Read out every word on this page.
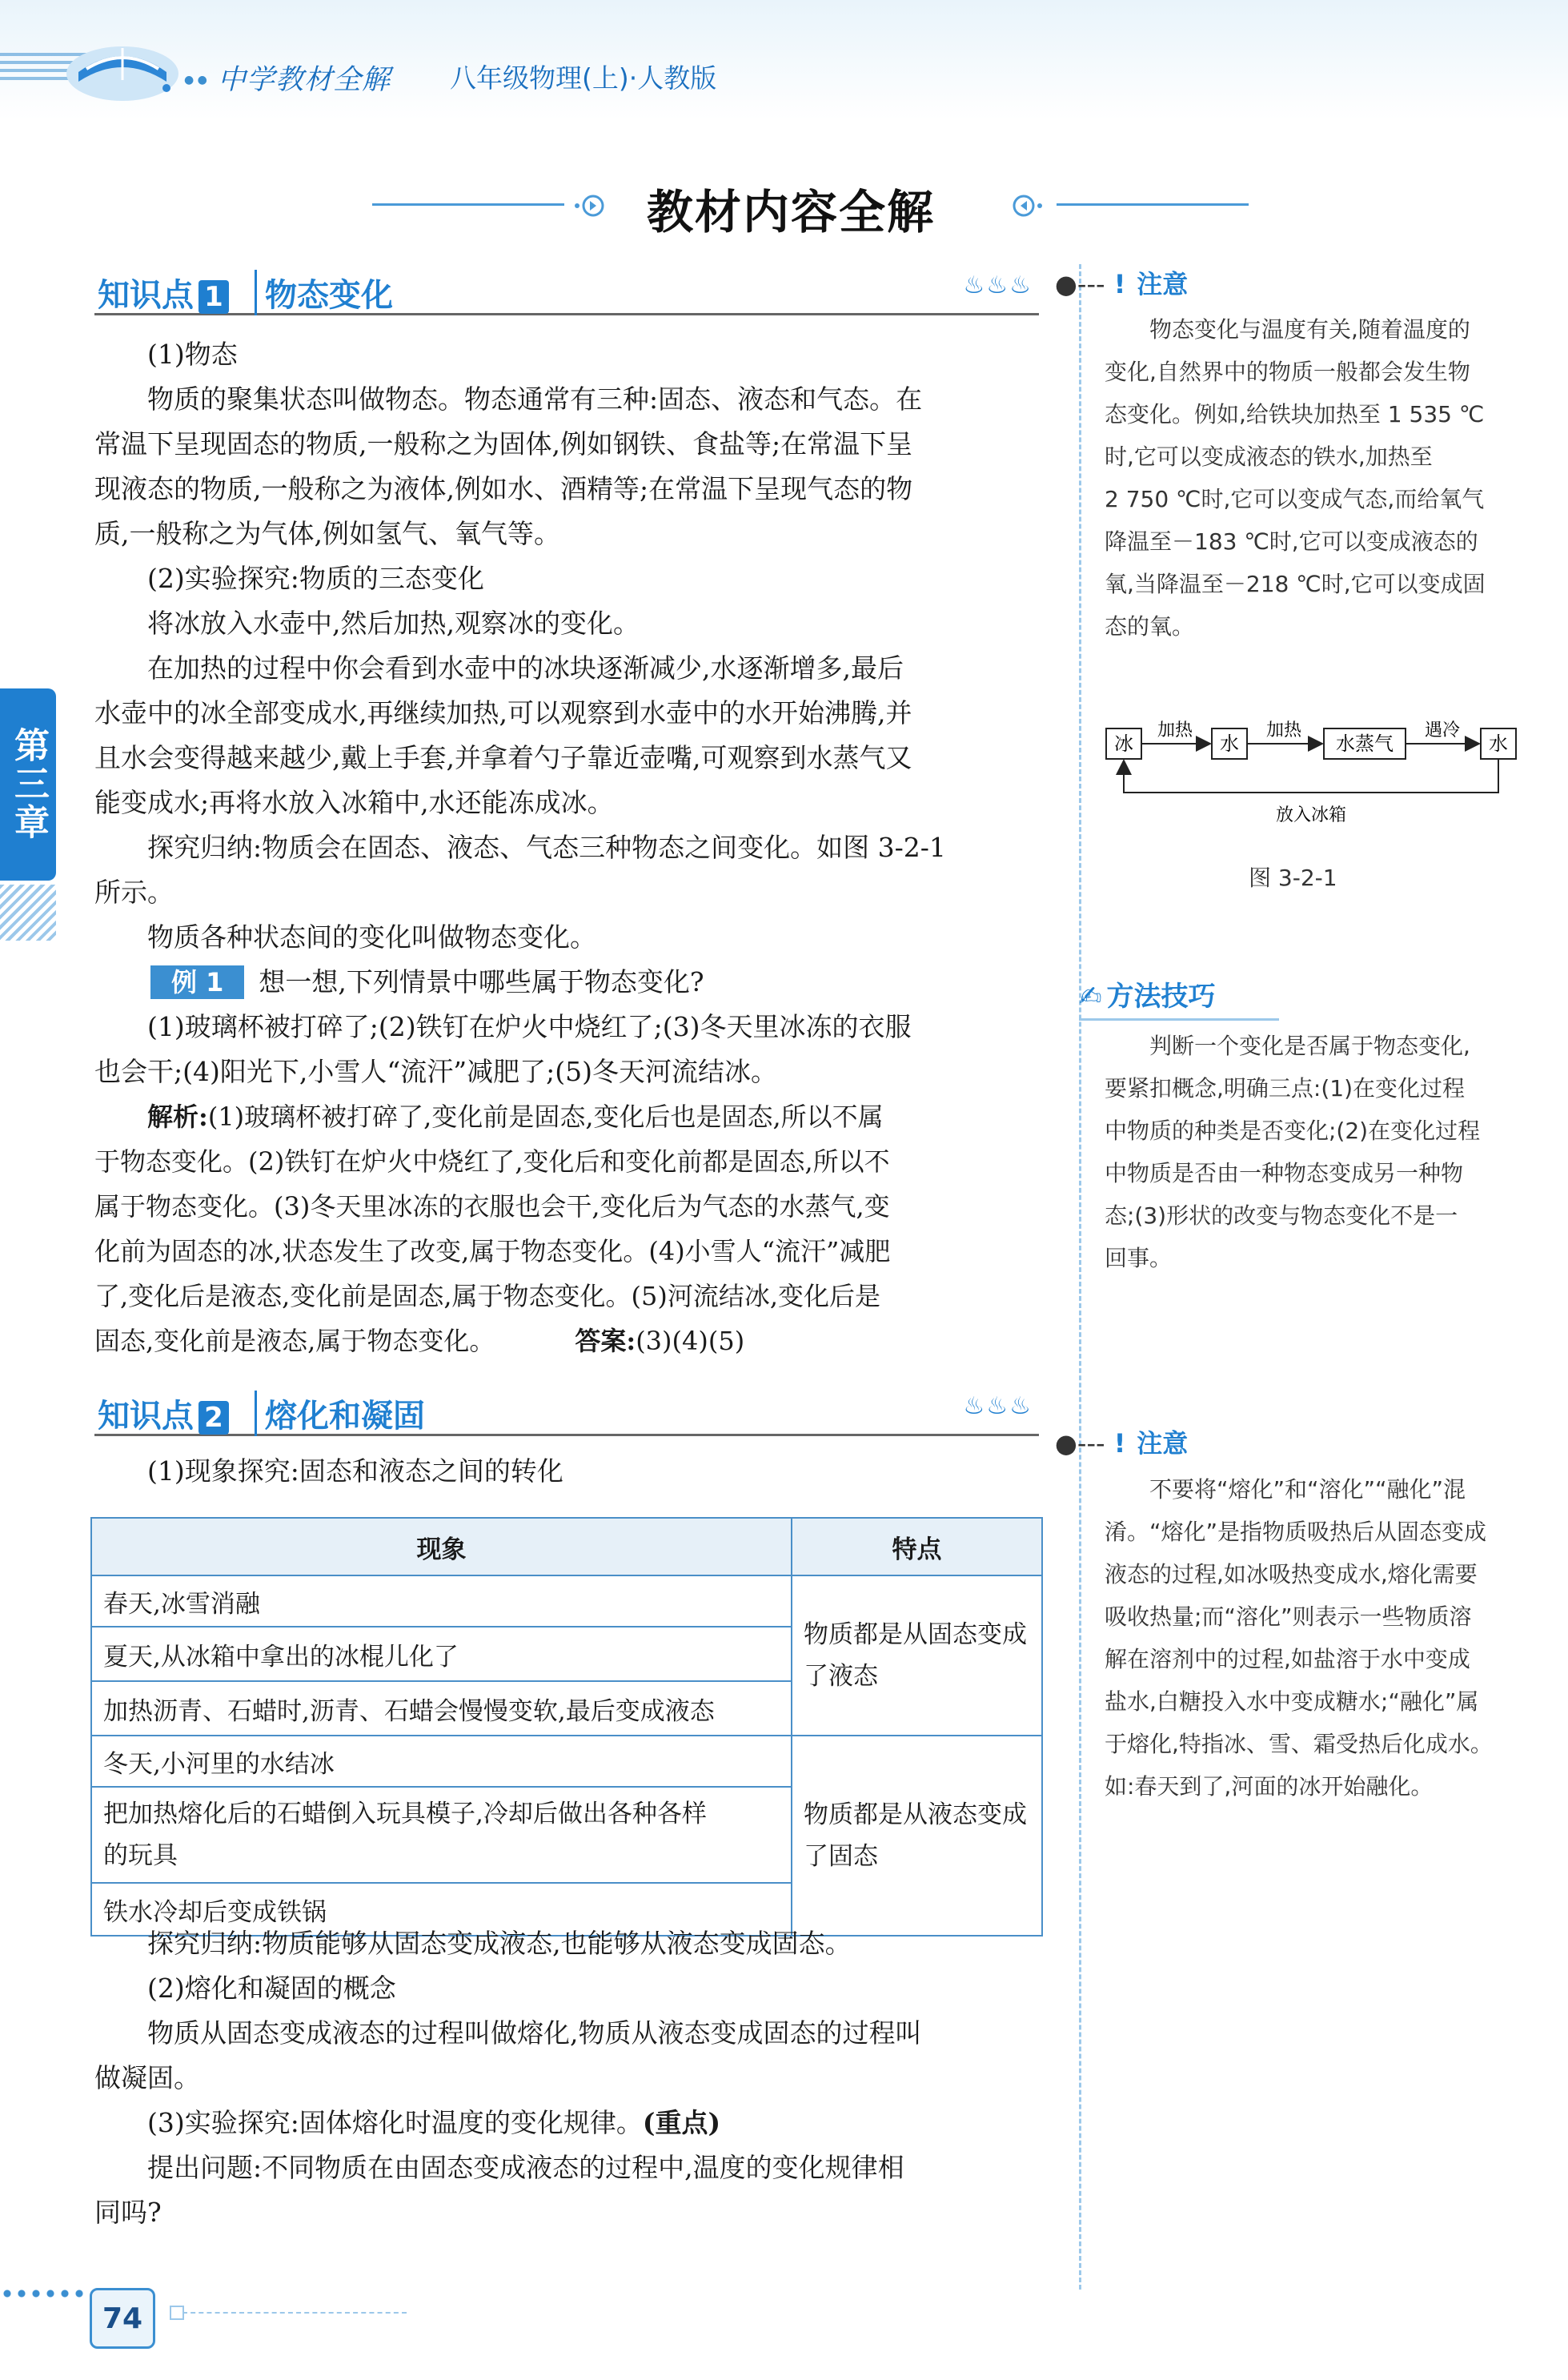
● ● 中学教材全解 八年级物理(上)·人教版
教材内容全解
第三章
知识点 1	物态变化	♨♨♨
(1)物态
物质的聚集状态叫做物态。物态通常有三种:固态、液态和气态。在
常温下呈现固态的物质,一般称之为固体,例如钢铁、食盐等;在常温下呈
现液态的物质,一般称之为液体,例如水、酒精等;在常温下呈现气态的物
质,一般称之为气体,例如氢气、氧气等。
(2)实验探究:物质的三态变化
将冰放入水壶中,然后加热,观察冰的变化。
在加热的过程中你会看到水壶中的冰块逐渐减少,水逐渐增多,最后
水壶中的冰全部变成水,再继续加热,可以观察到水壶中的水开始沸腾,并
且水会变得越来越少,戴上手套,并拿着勺子靠近壶嘴,可观察到水蒸气又
能变成水;再将水放入冰箱中,水还能冻成冰。
探究归纳:物质会在固态、液态、气态三种物态之间变化。如图 3-2-1
所示。
物质各种状态间的变化叫做物态变化。
例 1 想一想,下列情景中哪些属于物态变化?
(1)玻璃杯被打碎了;(2)铁钉在炉火中烧红了;(3)冬天里冰冻的衣服
也会干;(4)阳光下,小雪人“流汗”减肥了;(5)冬天河流结冰。
解析:(1)玻璃杯被打碎了,变化前是固态,变化后也是固态,所以不属
于物态变化。(2)铁钉在炉火中烧红了,变化后和变化前都是固态,所以不
属于物态变化。(3)冬天里冰冻的衣服也会干,变化后为气态的水蒸气,变
化前为固态的冰,状态发生了改变,属于物态变化。(4)小雪人“流汗”减肥
了,变化后是液态,变化前是固态,属于物态变化。(5)河流结冰,变化后是
固态,变化前是液态,属于物态变化。	答案:(3)(4)(5)
知识点 2	熔化和凝固	♨♨♨
(1)现象探究:固态和液态之间的转化
现象	特点
春天,冰雪消融	物质都是从固态变成
了液态
夏天,从冰箱中拿出的冰棍儿化了	
加热沥青、石蜡时,沥青、石蜡会慢慢变软,最后变成液态	
冬天,小河里的水结冰	物质都是从液态变成
了固态
把加热熔化后的石蜡倒入玩具模子,冷却后做出各种各样
的玩具	
铁水冷却后变成铁锅	
探究归纳:物质能够从固态变成液态,也能够从液态变成固态。
(2)熔化和凝固的概念
物质从固态变成液态的过程叫做熔化,物质从液态变成固态的过程叫
做凝固。
(3)实验探究:固体熔化时温度的变化规律。(重点)
提出问题:不同物质在由固态变成液态的过程中,温度的变化规律相
同吗?
●--- ! 注意
物态变化与温度有关,随着温度的
变化,自然界中的物质一般都会发生物
态变化。例如,给铁块加热至 1 535 ℃
时,它可以变成液态的铁水,加热至
2 750 ℃时,它可以变成气态,而给氧气
降温至－183 ℃时,它可以变成液态的
氧,当降温至－218 ℃时,它可以变成固
态的氧。
冰
加热
水
加热
水蒸气
遇冷
水
放入冰箱
图 3-2-1
✍ 方法技巧
判断一个变化是否属于物态变化,
要紧扣概念,明确三点:(1)在变化过程
中物质的种类是否变化;(2)在变化过程
中物质是否由一种物态变成另一种物
态;(3)形状的改变与物态变化不是一
回事。
●--- ! 注意
不要将“熔化”和“溶化”“融化”混
淆。“熔化”是指物质吸热后从固态变成
液态的过程,如冰吸热变成水,熔化需要
吸收热量;而“溶化”则表示一些物质溶
解在溶剂中的过程,如盐溶于水中变成
盐水,白糖投入水中变成糖水;“融化”属
于熔化,特指冰、雪、霜受热后化成水。
如:春天到了,河面的冰开始融化。
74
